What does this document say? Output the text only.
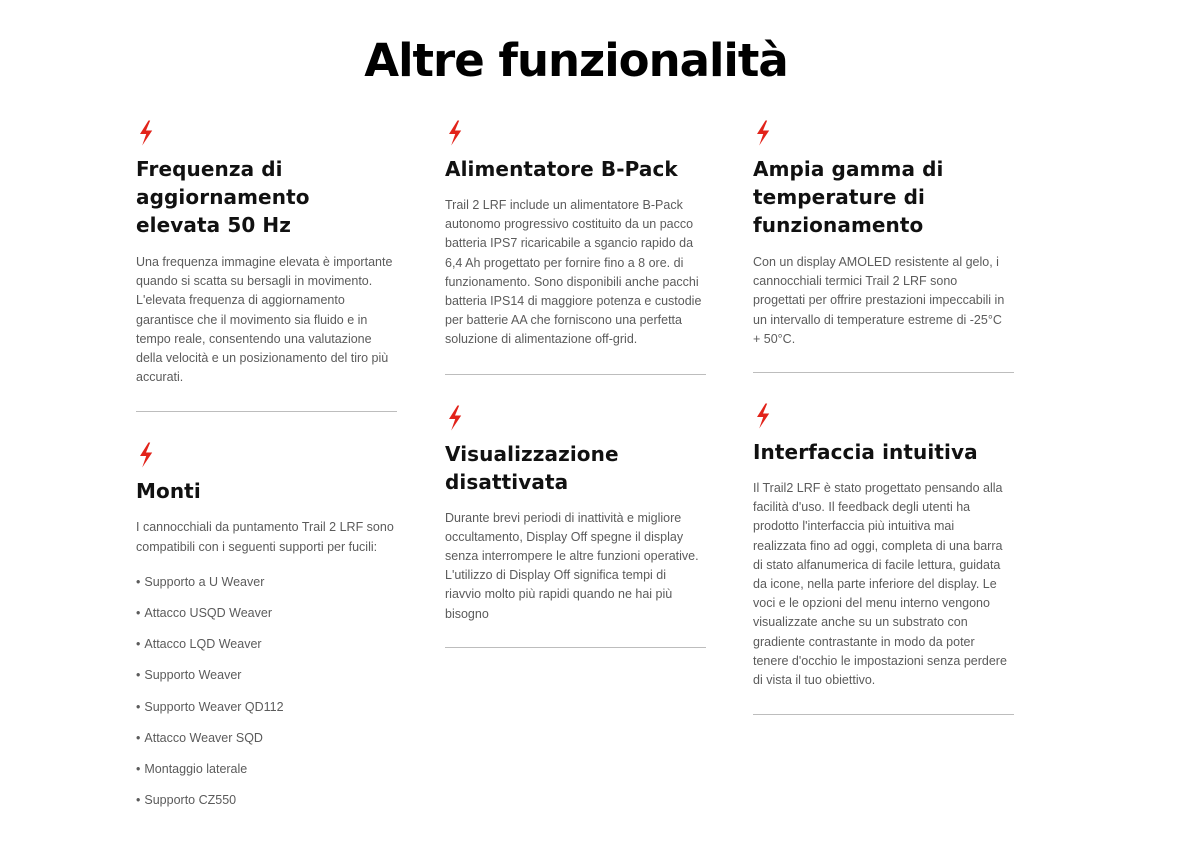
Altre funzionalità
Frequenza di aggiornamento elevata 50 Hz

Una frequenza immagine elevata è importante quando si scatta su bersagli in movimento. L'elevata frequenza di aggiornamento garantisce che il movimento sia fluido e in tempo reale, consentendo una valutazione della velocità e un posizionamento del tiro più accurati.

Monti

I cannocchiali da puntamento Trail 2 LRF sono compatibili con i seguenti supporti per fucili:

• Supporto a U Weaver
• Attacco USQD Weaver
• Attacco LQD Weaver
• Supporto Weaver
• Supporto Weaver QD112
• Attacco Weaver SQD
• Montaggio laterale
• Supporto CZ550
Alimentatore B-Pack

Trail 2 LRF include un alimentatore B-Pack autonomo progressivo costituito da un pacco batteria IPS7 ricaricabile a sgancio rapido da 6,4 Ah progettato per fornire fino a 8 ore. di funzionamento. Sono disponibili anche pacchi batteria IPS14 di maggiore potenza e custodie per batterie AA che forniscono una perfetta soluzione di alimentazione off-grid.

Visualizzazione disattivata

Durante brevi periodi di inattività e migliore occultamento, Display Off spegne il display senza interrompere le altre funzioni operative. L'utilizzo di Display Off significa tempi di riavvio molto più rapidi quando ne hai più bisogno

Ampia gamma di temperature di funzionamento

Con un display AMOLED resistente al gelo, i cannocchiali termici Trail 2 LRF sono progettati per offrire prestazioni impeccabili in un intervallo di temperature estreme di -25°C + 50°C.

Interfaccia intuitiva

Il Trail2 LRF è stato progettato pensando alla facilità d'uso. Il feedback degli utenti ha prodotto l'interfaccia più intuitiva mai realizzata fino ad oggi, completa di una barra di stato alfanumerica di facile lettura, guidata da icone, nella parte inferiore del display. Le voci e le opzioni del menu interno vengono visualizzate anche su un substrato con gradiente contrastante in modo da poter tenere d'occhio le impostazioni senza perdere di vista il tuo obiettivo.
